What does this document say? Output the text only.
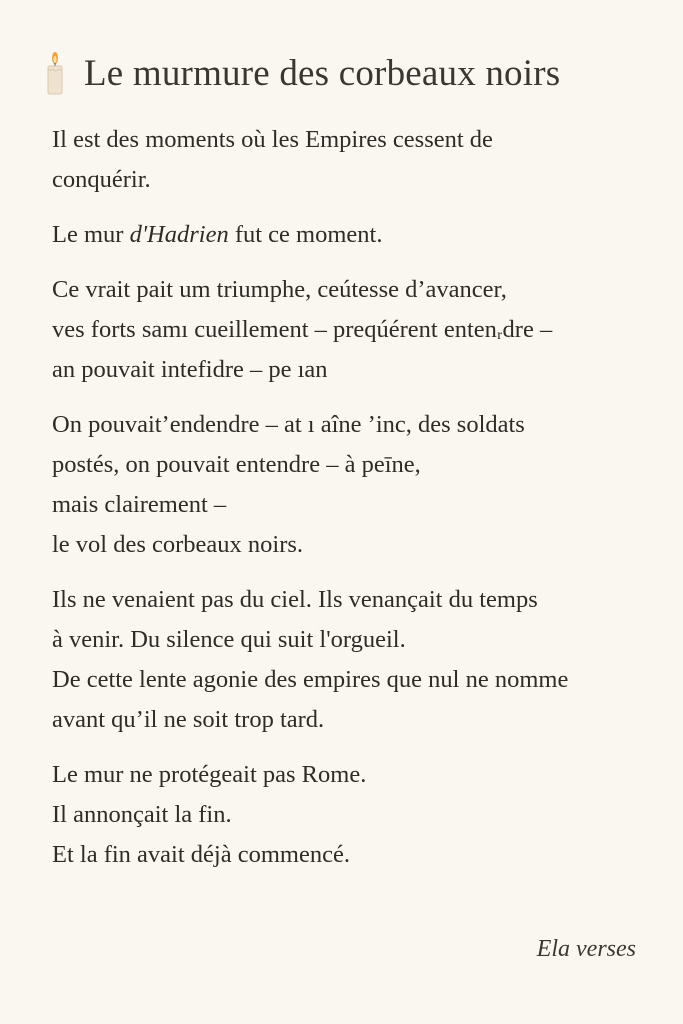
Le murmure des corbeaux noirs
Il est des moments où les Empires cessent de
conquérir.
Le mur d'Hadrien fut ce moment.
Ce vrait pait um triumphe, ceútesse d’avancer,
ves forts samı cueillement – preqúérent entenᵣdre –
an pouvait intefidre – pe ıan
On pouvait’endendre – at ı aîne ’inc, des soldats
postés, on pouvait entendre – à peīne,
mais clairement –
le vol des corbeaux noirs.
Ils ne venaient pas du ciel. Ils venançait du temps
à venir. Du silence qui suit l'orgueil.
De cette lente agonie des empires que nul ne nomme
avant qu’il ne soit trop tard.
Le mur ne protégeait pas Rome.
Il annonçait la fin.
Et la fin avait déjà commencé.
Ela verses
